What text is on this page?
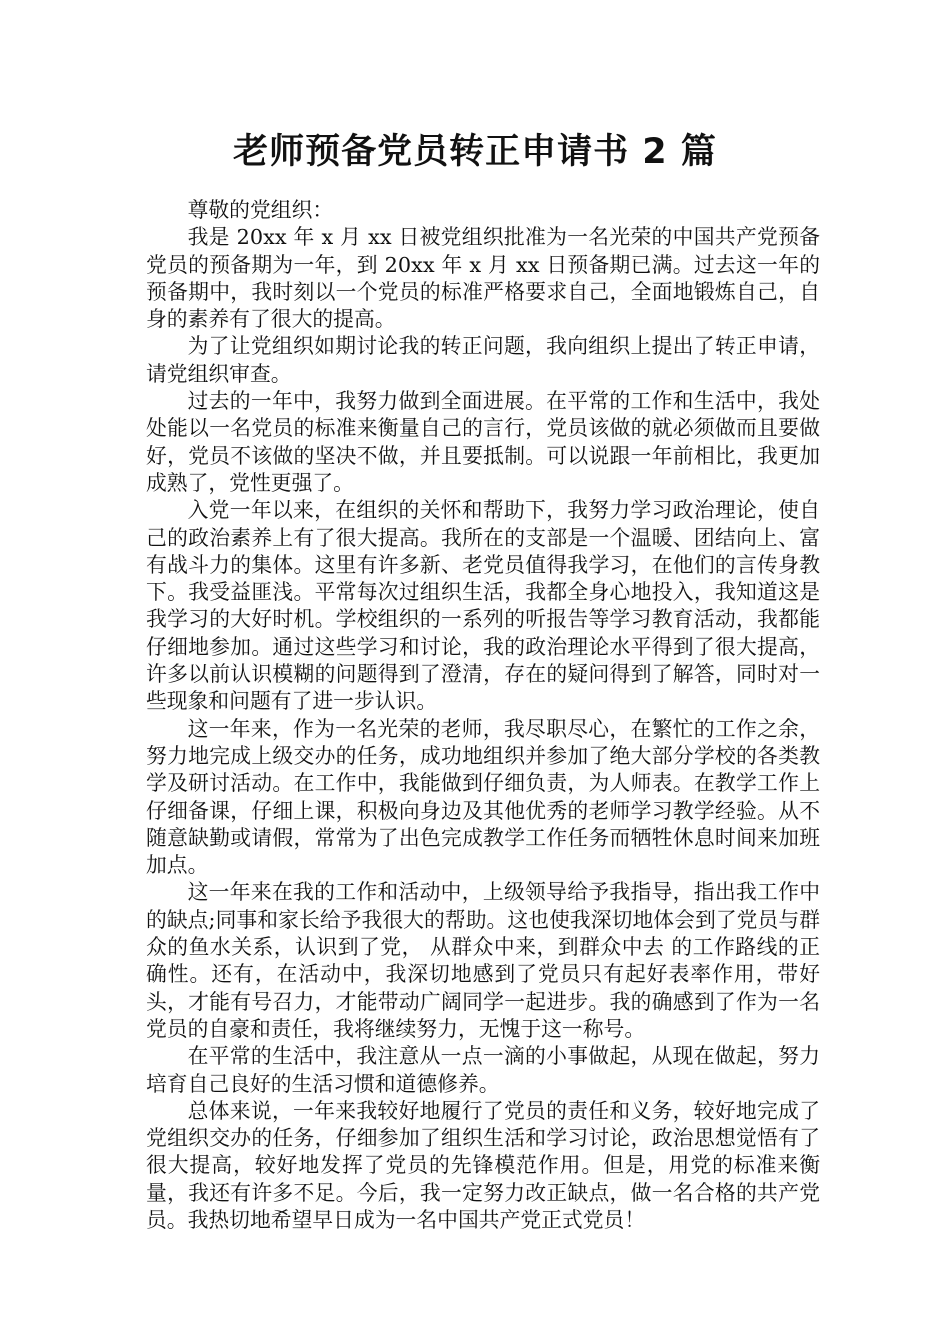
老师预备党员转正申请书 2 篇

尊敬的党组织：

我是 20xx 年 x 月 xx 日被党组织批准为一名光荣的中国共产党预备党员的预备期为一年，到 20xx 年 x 月 xx 日预备期已满。过去这一年的预备期中，我时刻以一个党员的标准严格要求自己，全面地锻炼自己，自身的素养有了很大的提高。

为了让党组织如期讨论我的转正问题，我向组织上提出了转正申请，请党组织审查。

过去的一年中，我努力做到全面进展。在平常的工作和生活中，我处处能以一名党员的标准来衡量自己的言行，党员该做的就必须做而且要做好，党员不该做的坚决不做，并且要抵制。可以说跟一年前相比，我更加成熟了，党性更强了。

入党一年以来，在组织的关怀和帮助下，我努力学习政治理论，使自己的政治素养上有了很大提高。我所在的支部是一个温暖、团结向上、富有战斗力的集体。这里有许多新、老党员值得我学习，在他们的言传身教下。我受益匪浅。平常每次过组织生活，我都全身心地投入，我知道这是我学习的大好时机。学校组织的一系列的听报告等学习教育活动，我都能仔细地参加。通过这些学习和讨论，我的政治理论水平得到了很大提高，许多以前认识模糊的问题得到了澄清，存在的疑问得到了解答，同时对一些现象和问题有了进一步认识。

这一年来，作为一名光荣的老师，我尽职尽心，在繁忙的工作之余，努力地完成上级交办的任务，成功地组织并参加了绝大部分学校的各类教学及研讨活动。在工作中，我能做到仔细负责，为人师表。在教学工作上仔细备课，仔细上课，积极向身边及其他优秀的老师学习教学经验。从不随意缺勤或请假，常常为了出色完成教学工作任务而牺牲休息时间来加班加点。

这一年来在我的工作和活动中，上级领导给予我指导，指出我工作中的缺点;同事和家长给予我很大的帮助。这也使我深切地体会到了党员与群众的鱼水关系，认识到了党， 从群众中来，到群众中去 的工作路线的正确性。还有，在活动中，我深切地感到了党员只有起好表率作用，带好头，才能有号召力，才能带动广阔同学一起进步。我的确感到了作为一名党员的自豪和责任，我将继续努力，无愧于这一称号。

在平常的生活中，我注意从一点一滴的小事做起，从现在做起，努力培育自己良好的生活习惯和道德修养。

总体来说，一年来我较好地履行了党员的责任和义务，较好地完成了党组织交办的任务，仔细参加了组织生活和学习讨论，政治思想觉悟有了很大提高，较好地发挥了党员的先锋模范作用。但是，用党的标准来衡量，我还有许多不足。今后，我一定努力改正缺点，做一名合格的共产党员。我热切地希望早日成为一名中国共产党正式党员！
